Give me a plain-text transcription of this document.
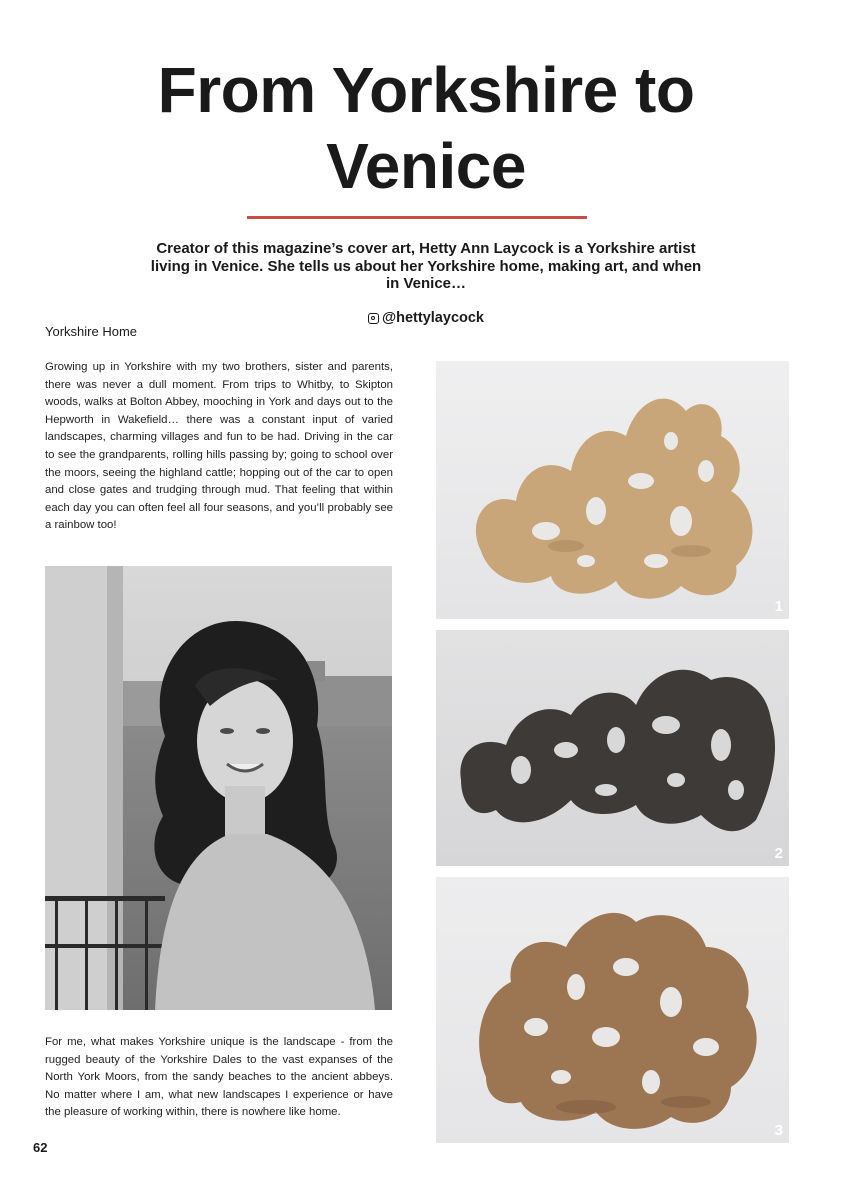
From Yorkshire to Venice

Creator of this magazine’s cover art, Hetty Ann Laycock is a Yorkshire artist living in Venice. She tells us about her Yorkshire home, making art, and when in Venice…

@hettylaycock
Yorkshire Home

Growing up in Yorkshire with my two brothers, sister and parents, there was never a dull moment. From trips to Whitby, to Skipton woods, walks at Bolton Abbey, mooching in York and days out to the Hepworth in Wakefield… there was a constant input of varied landscapes, charming villages and fun to be had. Driving in the car to see the grandparents, rolling hills passing by; going to school over the moors, seeing the highland cattle; hopping out of the car to open and close gates and trudging through mud. That feeling that within each day you can often feel all four seasons, and you’ll probably see a rainbow too!

For me, what makes Yorkshire unique is the landscape - from the rugged beauty of the Yorkshire Dales to the vast expanses of the North York Moors, from the sandy beaches to the ancient abbeys. No matter where I am, what new landscapes I experience or have the pleasure of working within, there is nowhere like home.

1
2
3
62
